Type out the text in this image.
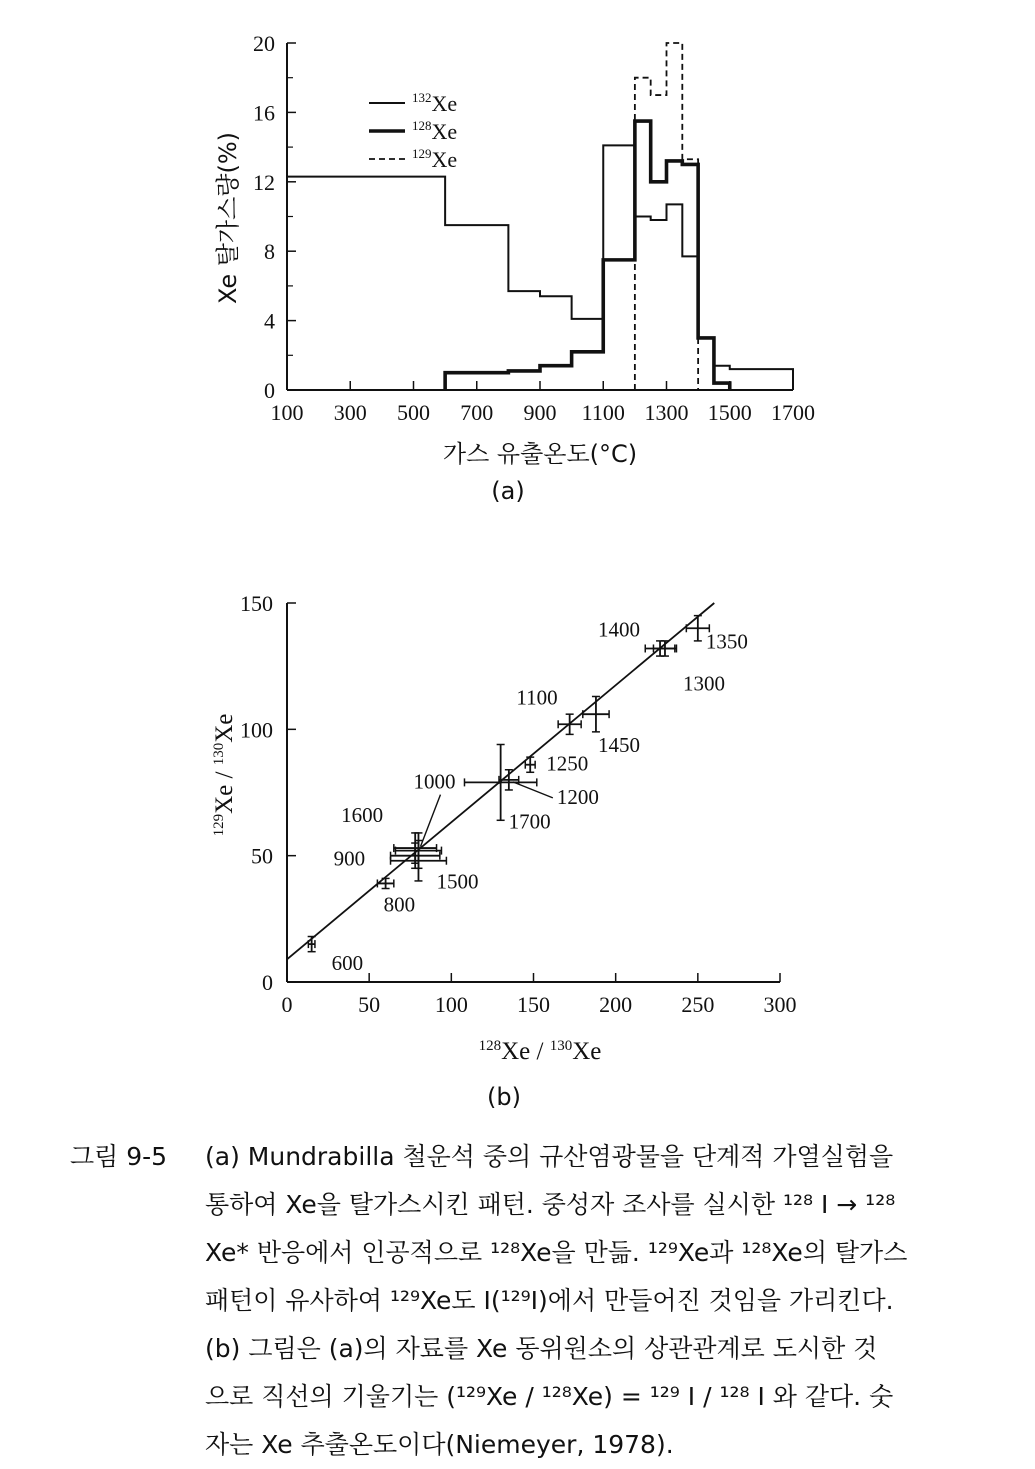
100 300 500 700 900 1100 1300 1500 1700
0
4
8
12
16
20
$^{132}$Xe
$^{128}$Xe
$^{129}$Xe
Xe 탈가스량(%)
가스 유출온도(°C)
(a)
0	50 100 150 200 250 300
0
50
100
150
600
800
900
1000
1500
1600	1700
1200
1250
1100
1450
1300
1400	1350
$^{129}$Xe / $^{130}$Xe
$^{128}$Xe / $^{130}$Xe
(b)
그림 9-5 (a) Mundrabilla 철운석 중의 규산염광물을 단계적 가열실험을
통하여 Xe을 탈가스시킨 패턴. 중성자 조사를 실시한 ¹²⁸ I → ¹²⁸
Xe* 반응에서 인공적으로 ¹²⁸Xe을 만듦. ¹²⁹Xe과 ¹²⁸Xe의 탈가스
패턴이 유사하여 ¹²⁹Xe도 I(¹²⁹I)에서 만들어진 것임을 가리킨다.
(b) 그림은 (a)의 자료를 Xe 동위원소의 상관관계로 도시한 것
으로 직선의 기울기는 (¹²⁹Xe / ¹²⁸Xe) = ¹²⁹ I / ¹²⁸ I 와 같다. 숫
자는 Xe 추출온도이다(Niemeyer, 1978).
